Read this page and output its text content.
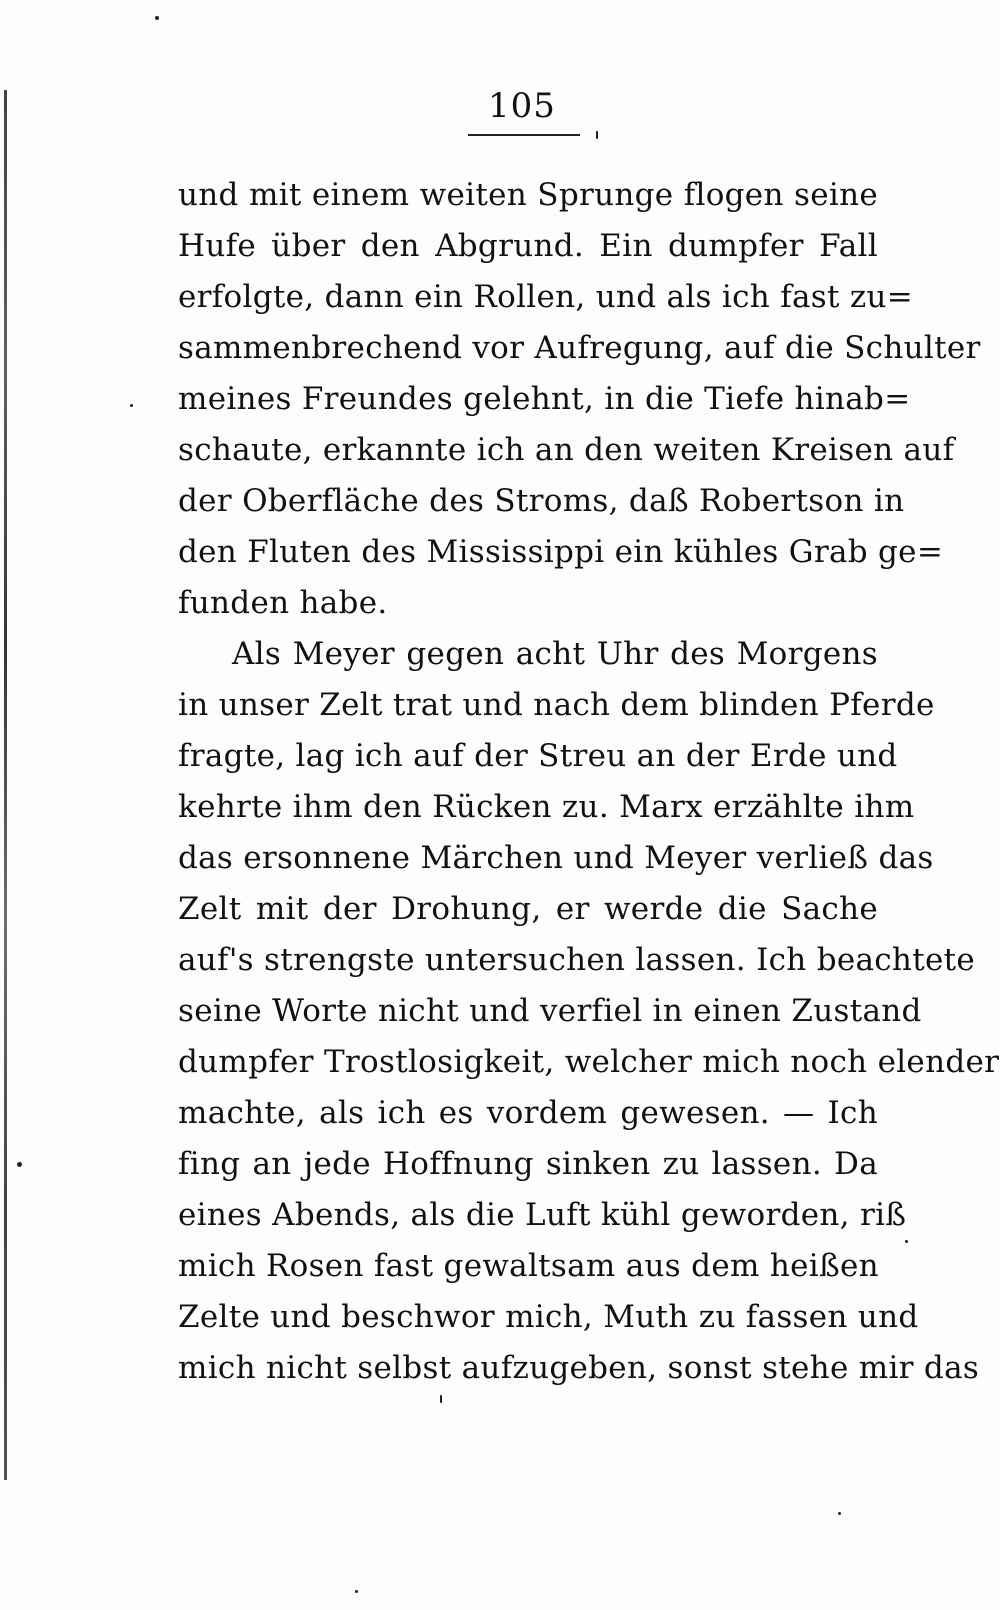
105
und mit einem weiten Sprunge flogen seine
Hufe über den Abgrund. Ein dumpfer Fall
erfolgte, dann ein Rollen, und als ich fast zu=
sammenbrechend vor Aufregung, auf die Schulter
meines Freundes gelehnt, in die Tiefe hinab=
schaute, erkannte ich an den weiten Kreisen auf
der Oberfläche des Stroms, daß Robertson in
den Fluten des Mississippi ein kühles Grab ge=
funden habe.
Als Meyer gegen acht Uhr des Morgens
in unser Zelt trat und nach dem blinden Pferde
fragte, lag ich auf der Streu an der Erde und
kehrte ihm den Rücken zu. Marx erzählte ihm
das ersonnene Märchen und Meyer verließ das
Zelt mit der Drohung, er werde die Sache
auf's strengste untersuchen lassen. Ich beachtete
seine Worte nicht und verfiel in einen Zustand
dumpfer Trostlosigkeit, welcher mich noch elender
machte, als ich es vordem gewesen. — Ich
fing an jede Hoffnung sinken zu lassen. Da
eines Abends, als die Luft kühl geworden, riß
mich Rosen fast gewaltsam aus dem heißen
Zelte und beschwor mich, Muth zu fassen und
mich nicht selbst aufzugeben, sonst stehe mir das
